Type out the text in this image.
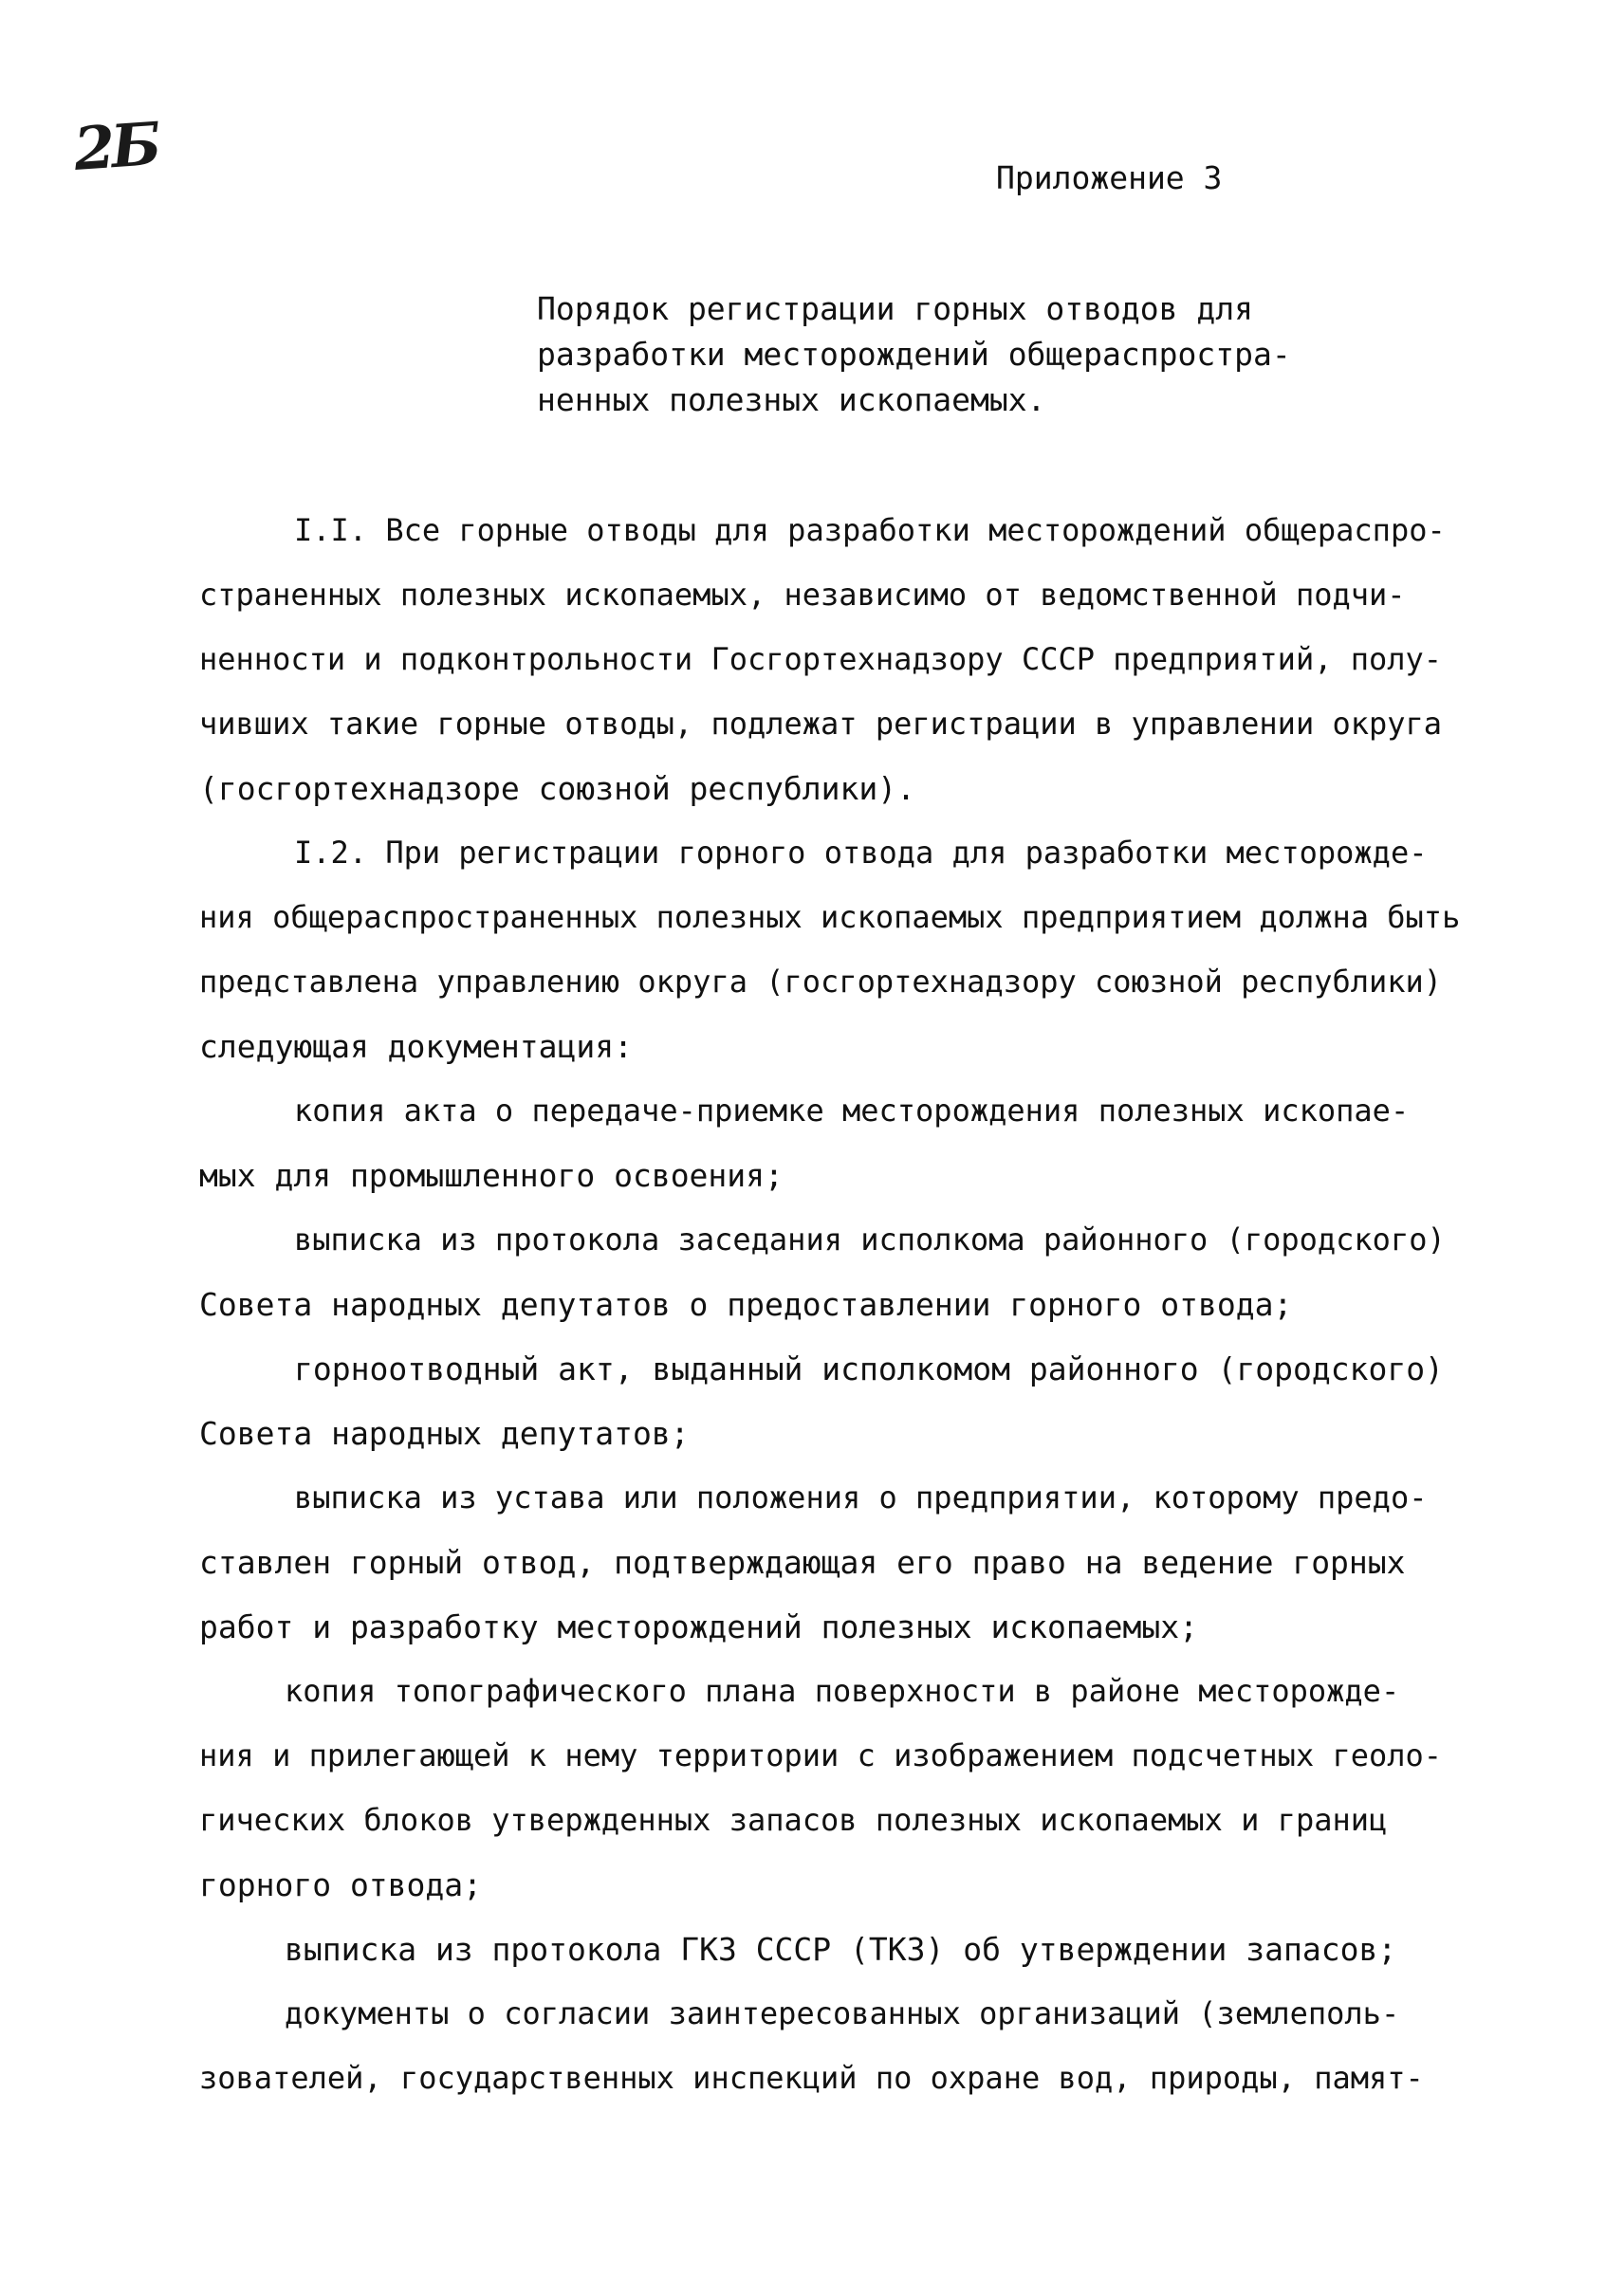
2Б	Приложение 3
Порядок регистрации горных отводов для
разработки месторождений общераспростра-
ненных полезных ископаемых.
I.I. Все горные отводы для разработки месторождений общераспро-
страненных полезных ископаемых, независимо от ведомственной подчи-
ненности и подконтрольности Госгортехнадзору СССР предприятий, полу-
чивших такие горные отводы, подлежат регистрации в управлении округа
(госгортехнадзоре союзной республики).
I.2. При регистрации горного отвода для разработки месторожде-
ния общераспространенных полезных ископаемых предприятием должна быть
представлена управлению округа (госгортехнадзору союзной республики)
следующая документация:
копия акта о передаче-приемке месторождения полезных ископае-
мых для промышленного освоения;
выписка из протокола заседания исполкома районного (городского)
Совета народных депутатов о предоставлении горного отвода;
горноотводный акт, выданный исполкомом районного (городского)
Совета народных депутатов;
выписка из устава или положения о предприятии, которому предо-
ставлен горный отвод, подтверждающая его право на ведение горных
работ и разработку месторождений полезных ископаемых;
копия топографического плана поверхности в районе месторожде-
ния и прилегающей к нему территории с изображением подсчетных геоло-
гических блоков утвержденных запасов полезных ископаемых и границ
горного отвода;
выписка из протокола ГКЗ СССР (ТКЗ) об утверждении запасов;
документы о согласии заинтересованных организаций (землеполь-
зователей, государственных инспекций по охране вод, природы, памят-
